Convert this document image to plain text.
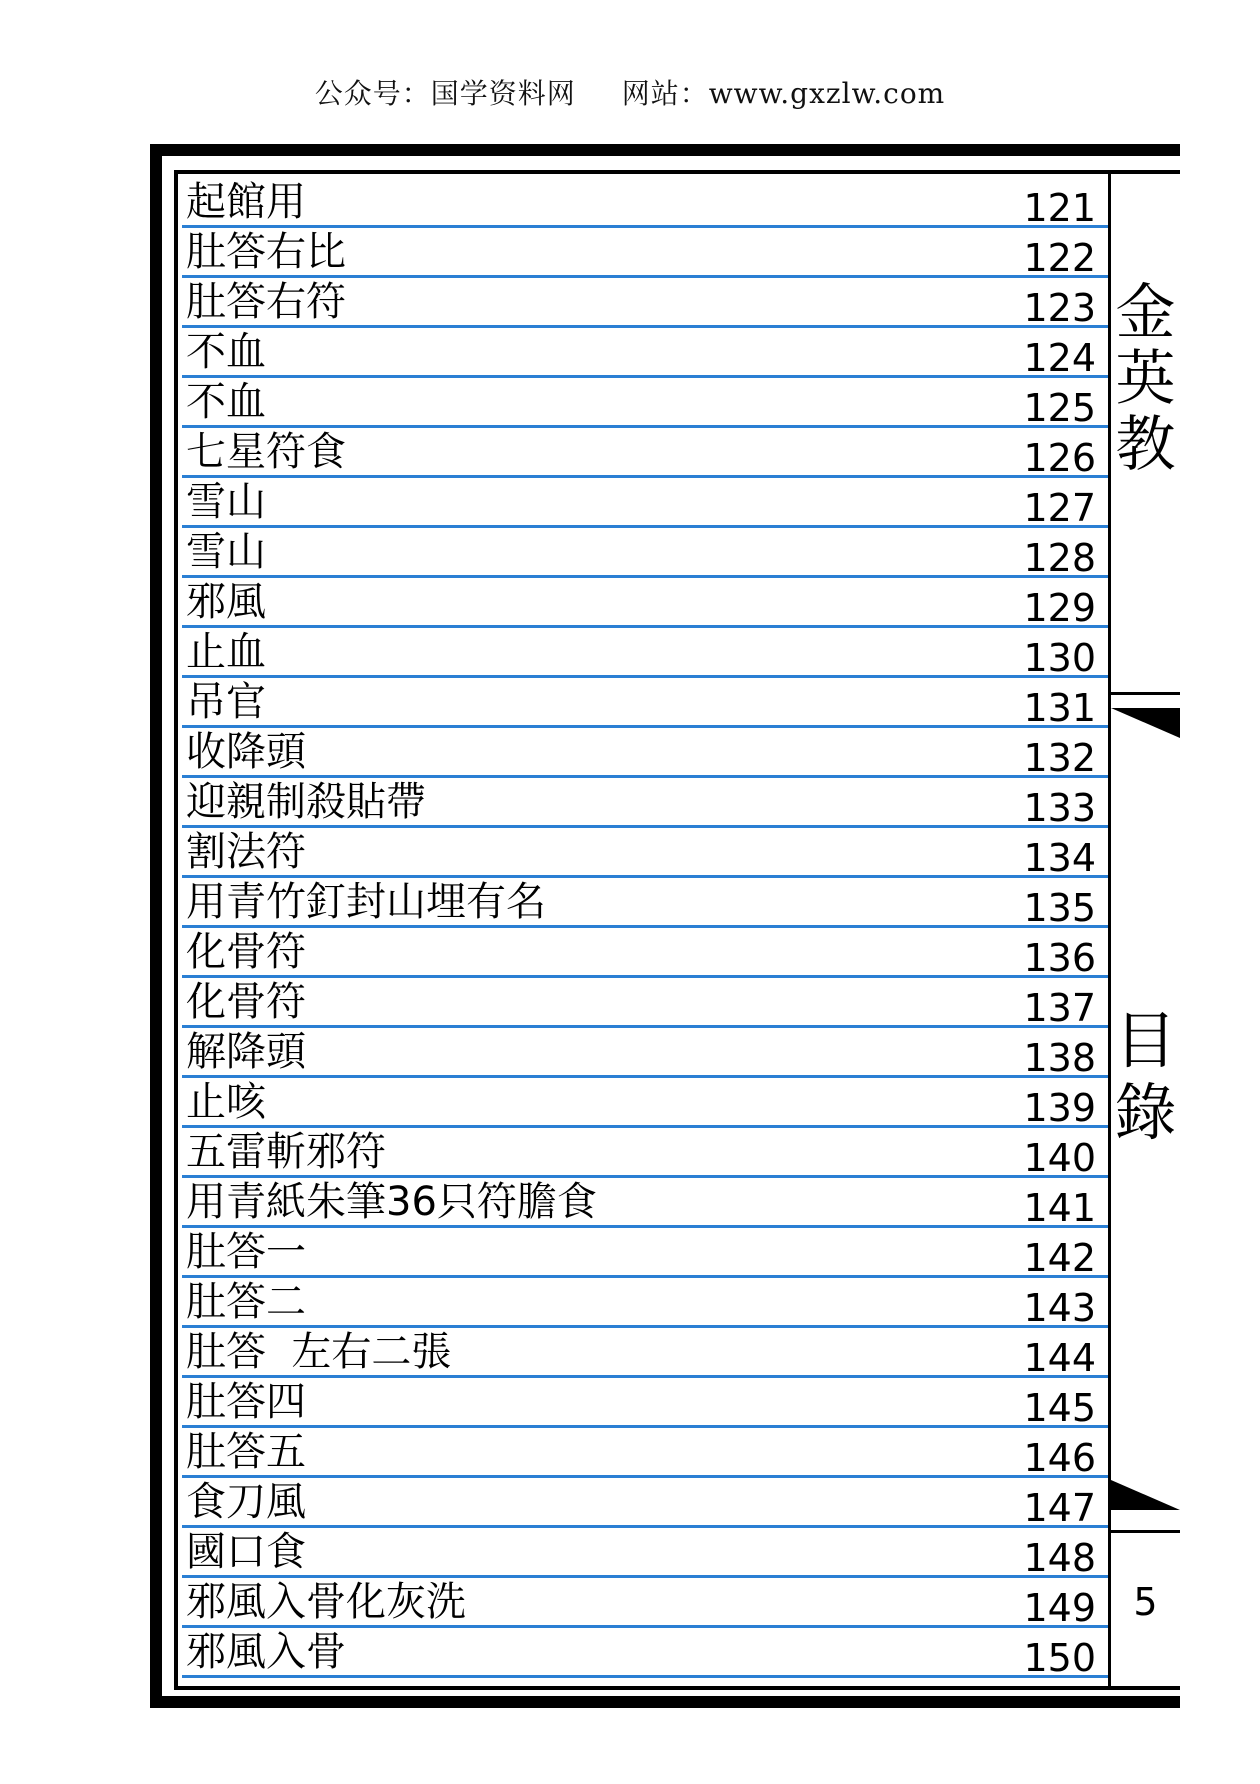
公众号：国学资料网 网站：www.gxzlw.com
起館用	121
肚答右比	122
肚答右符	123
不血	124
不血	125
七星符食	126
雪山	127
雪山	128
邪風	129
止血	130
吊官	131
收降頭	132
迎親制殺貼帶	133
割法符	134
用青竹釘封山埋有名	135
化骨符	136
化骨符	137
解降頭	138
止咳	139
五雷斬邪符	140
用青紙朱筆36只符膽食	141
肚答一	142
肚答二	143
肚答  左右二張	144
肚答四	145
肚答五	146
食刀風	147
國口食	148
邪風入骨化灰洗	149
邪風入骨	150
金
英
教
目
錄
5
